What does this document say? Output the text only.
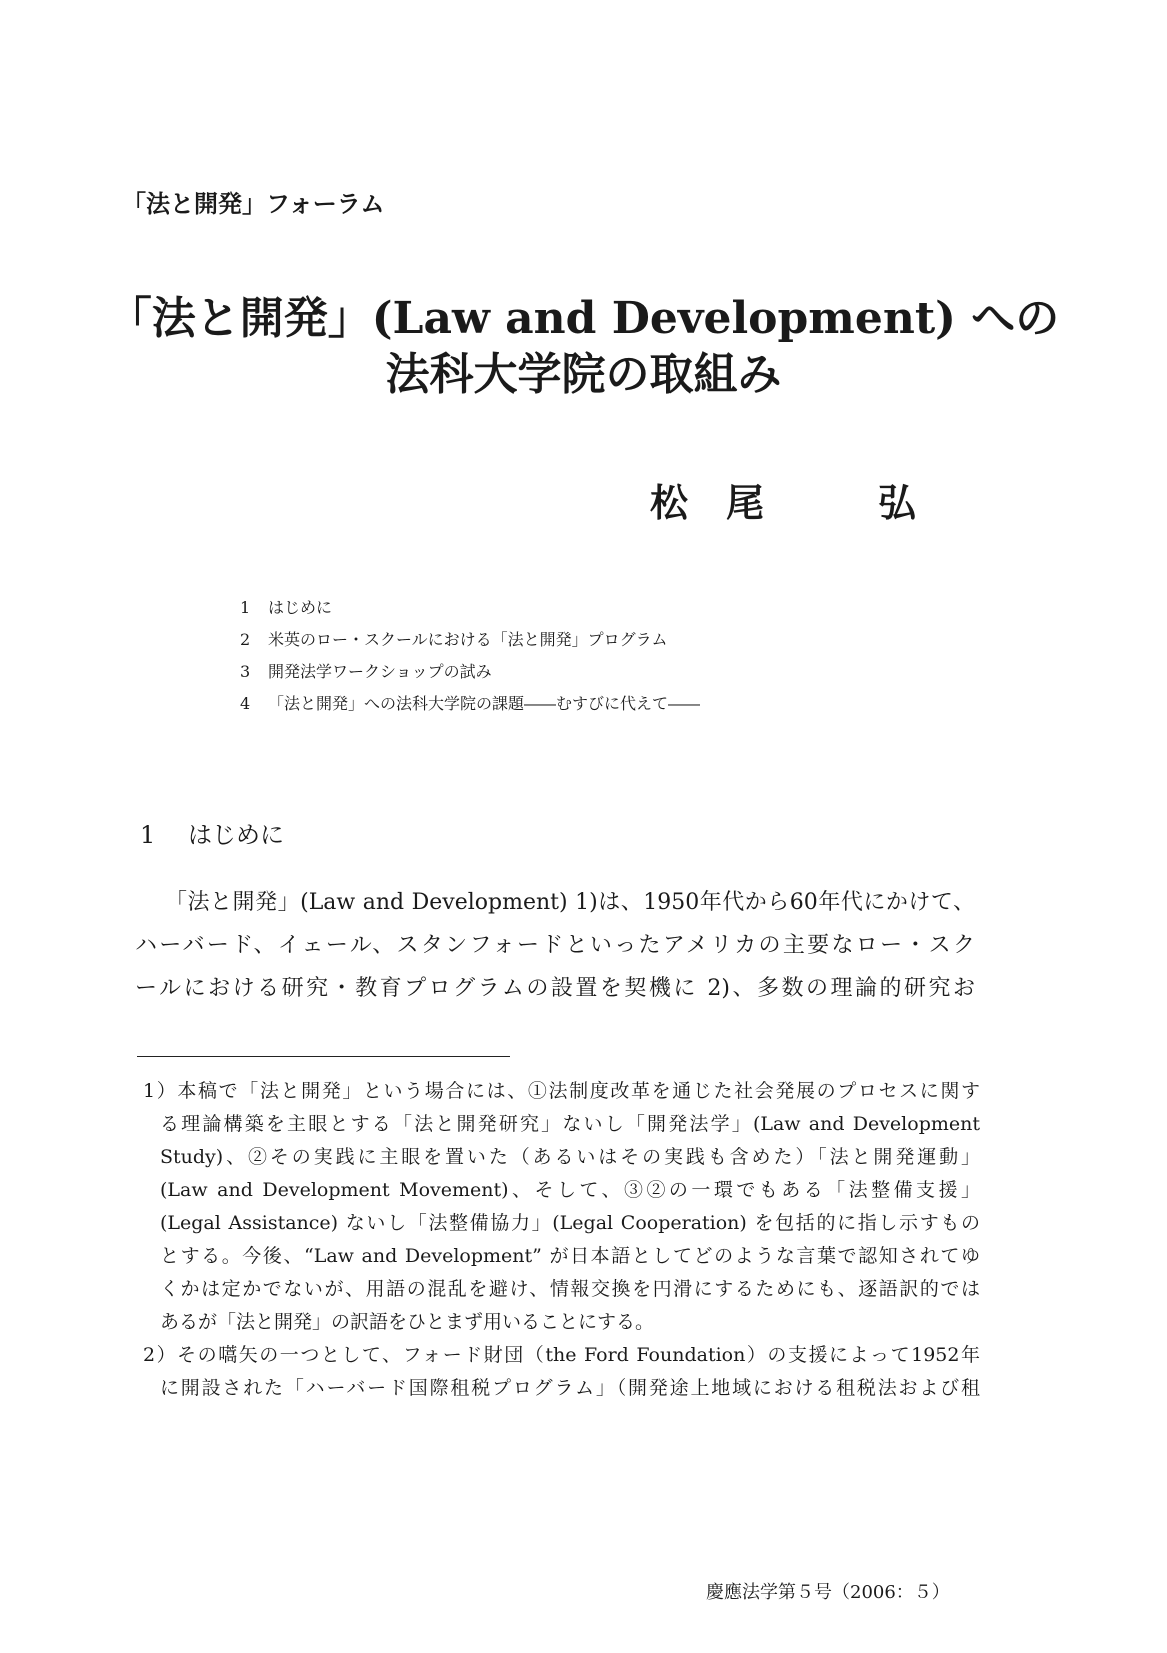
「法と開発」フォーラム
「法と開発」(Law and Development) への
法科大学院の取組み
松　尾　　　弘
1 はじめに
2 米英のロー・スクールにおける「法と開発」プログラム
3 開発法学ワークショップの試み
4 「法と開発」への法科大学院の課題――むすびに代えて――
1 はじめに
「法と開発」(Law and Development) 1)は、1950年代から60年代にかけて、
ハーバード、イェール、スタンフォードといったアメリカの主要なロー・スク
ールにおける研究・教育プログラムの設置を契機に 2)、多数の理論的研究お
1）本稿で「法と開発」という場合には、①法制度改革を通じた社会発展のプロセスに関す
る理論構築を主眼とする「法と開発研究」ないし「開発法学」(Law and Development
Study)、②その実践に主眼を置いた（あるいはその実践も含めた）「法と開発運動」
(Law and Development Movement)、そして、③②の一環でもある「法整備支援」
(Legal Assistance) ないし「法整備協力」(Legal Cooperation) を包括的に指し示すもの
とする。今後、“Law and Development” が日本語としてどのような言葉で認知されてゆ
くかは定かでないが、用語の混乱を避け、情報交換を円滑にするためにも、逐語訳的では
あるが「法と開発」の訳語をひとまず用いることにする。
2）その嚆矢の一つとして、フォード財団（the Ford Foundation）の支援によって1952年
に開設された「ハーバード国際租税プログラム」（開発途上地域における租税法および租
慶應法学第５号（2006：５）
